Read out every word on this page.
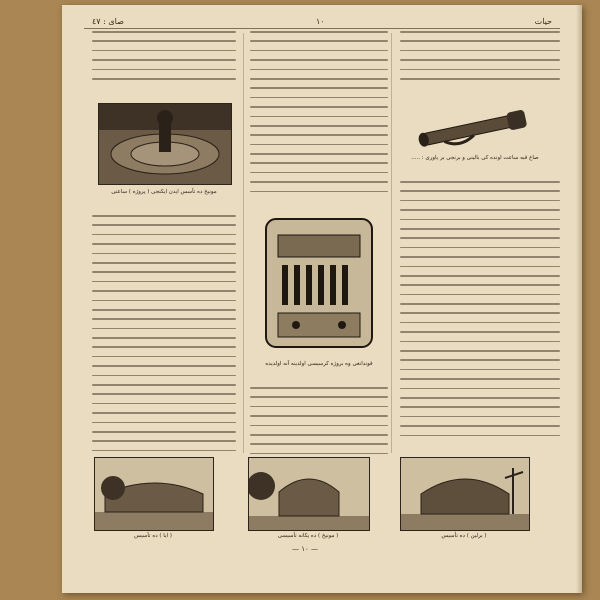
صای : ٤٧	١٠	حیات
صاغ قبه ساعت اونده کی بالینی و برنجی بر یاوری : .....
قوندانغی وه بروژه کرسیسی اولدینه آنه اولدیده
مونیخ ده تأسس ایدن ایکنجی ( پروژه ) ساعتی
( ایا ) ده تأسیس	( مونیخ ) ده یکانه تأسیسی	( برلین ) ده تأسیس
— ١٠ —
